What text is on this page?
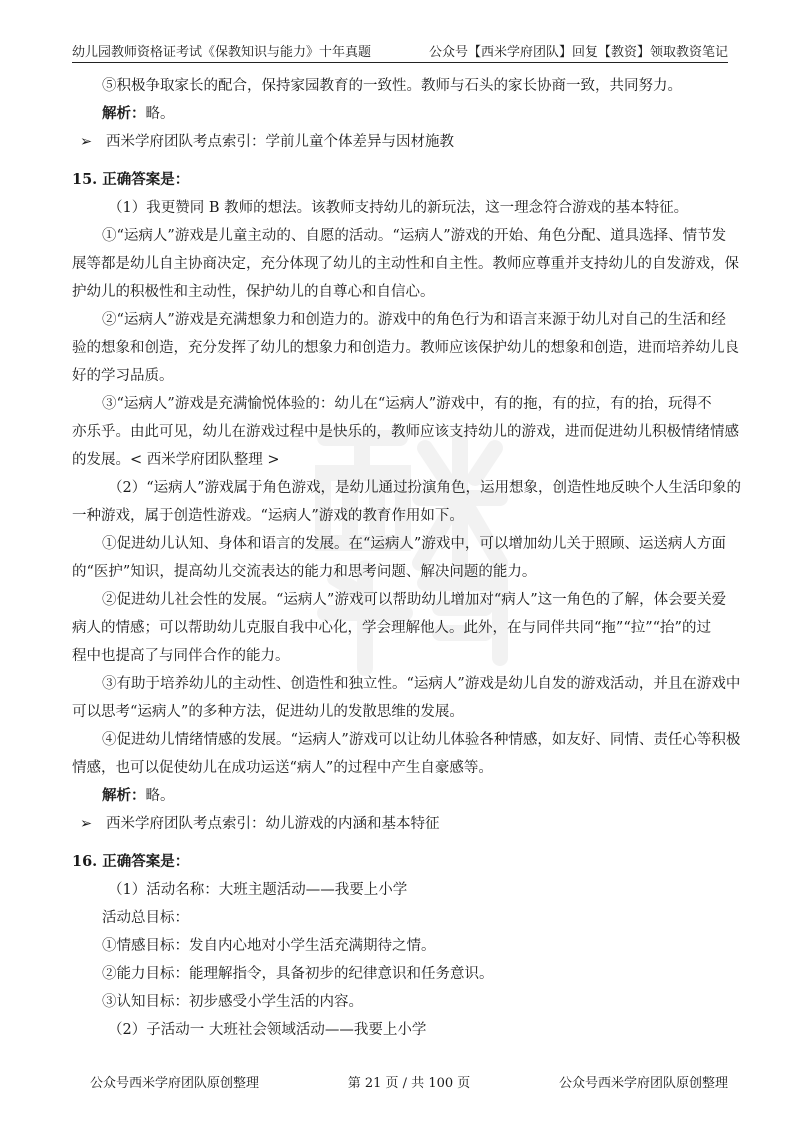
幼儿园教师资格证考试《保教知识与能力》十年真题	公众号【西米学府团队】回复【教资】领取教资笔记
⑤积极争取家长的配合，保持家园教育的一致性。教师与石头的家长协商一致，共同努力。
解析：略。
➢ 西米学府团队考点索引：学前儿童个体差异与因材施教
15. 正确答案是：
（1）我更赞同 B 教师的想法。该教师支持幼儿的新玩法，这一理念符合游戏的基本特征。
①“运病人”游戏是儿童主动的、自愿的活动。“运病人”游戏的开始、角色分配、道具选择、情节发
展等都是幼儿自主协商决定，充分体现了幼儿的主动性和自主性。教师应尊重并支持幼儿的自发游戏，保
护幼儿的积极性和主动性，保护幼儿的自尊心和自信心。
②“运病人”游戏是充满想象力和创造力的。游戏中的角色行为和语言来源于幼儿对自己的生活和经
验的想象和创造，充分发挥了幼儿的想象力和创造力。教师应该保护幼儿的想象和创造，进而培养幼儿良
好的学习品质。
③“运病人”游戏是充满愉悦体验的：幼儿在“运病人”游戏中，有的拖，有的拉，有的抬，玩得不
亦乐乎。由此可见，幼儿在游戏过程中是快乐的，教师应该支持幼儿的游戏，进而促进幼儿积极情绪情感
的发展。< 西米学府团队整理 >
（2）“运病人”游戏属于角色游戏，是幼儿通过扮演角色，运用想象，创造性地反映个人生活印象的
一种游戏，属于创造性游戏。“运病人”游戏的教育作用如下。
①促进幼儿认知、身体和语言的发展。在“运病人”游戏中，可以增加幼儿关于照顾、运送病人方面
的“医护”知识，提高幼儿交流表达的能力和思考问题、解决问题的能力。
②促进幼儿社会性的发展。“运病人”游戏可以帮助幼儿增加对“病人”这一角色的了解，体会要关爱
病人的情感；可以帮助幼儿克服自我中心化，学会理解他人。此外，在与同伴共同“拖”“拉”“抬”的过
程中也提高了与同伴合作的能力。
③有助于培养幼儿的主动性、创造性和独立性。“运病人”游戏是幼儿自发的游戏活动，并且在游戏中
可以思考“运病人”的多种方法，促进幼儿的发散思维的发展。
④促进幼儿情绪情感的发展。“运病人”游戏可以让幼儿体验各种情感，如友好、同情、责任心等积极
情感，也可以促使幼儿在成功运送“病人”的过程中产生自豪感等。
解析：略。
➢ 西米学府团队考点索引：幼儿游戏的内涵和基本特征
16. 正确答案是：
（1）活动名称：大班主题活动——我要上小学
活动总目标：
①情感目标：发自内心地对小学生活充满期待之情。
②能力目标：能理解指令，具备初步的纪律意识和任务意识。
③认知目标：初步感受小学生活的内容。
（2）子活动一 大班社会领域活动——我要上小学
公众号西米学府团队原创整理	第 21 页 / 共 100 页	公众号西米学府团队原创整理
